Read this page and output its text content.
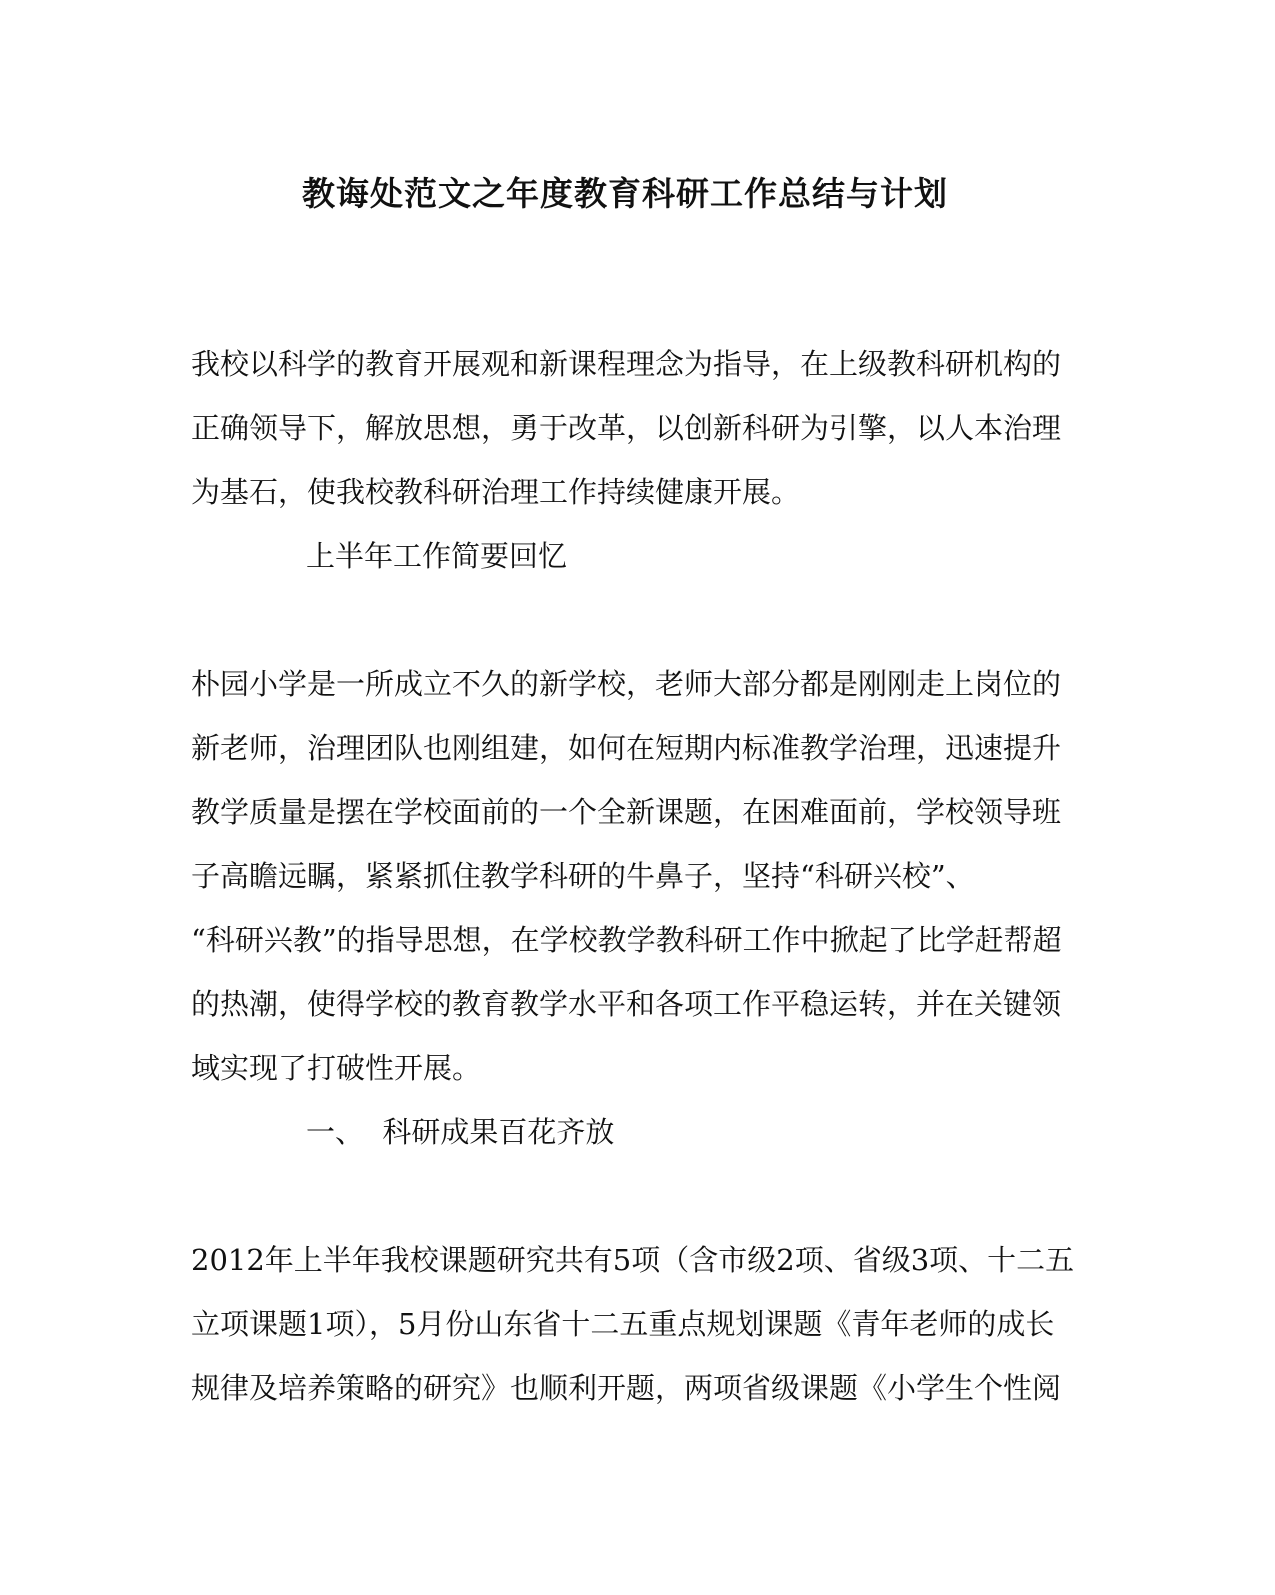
教诲处范文之年度教育科研工作总结与计划
我校以科学的教育开展观和新课程理念为指导，在上级教科研机构的
正确领导下，解放思想，勇于改革，以创新科研为引擎，以人本治理
为基石，使我校教科研治理工作持续健康开展。
上半年工作简要回忆
朴园小学是一所成立不久的新学校，老师大部分都是刚刚走上岗位的
新老师，治理团队也刚组建，如何在短期内标准教学治理，迅速提升
教学质量是摆在学校面前的一个全新课题，在困难面前，学校领导班
子高瞻远瞩，紧紧抓住教学科研的牛鼻子，坚持“科研兴校”、
“科研兴教”的指导思想，在学校教学教科研工作中掀起了比学赶帮超
的热潮，使得学校的教育教学水平和各项工作平稳运转，并在关键领
域实现了打破性开展。
一、  科研成果百花齐放
2012年上半年我校课题研究共有5项（含市级2项、省级3项、十二五
立项课题1项），5月份山东省十二五重点规划课题《青年老师的成长
规律及培养策略的研究》也顺利开题，两项省级课题《小学生个性阅
